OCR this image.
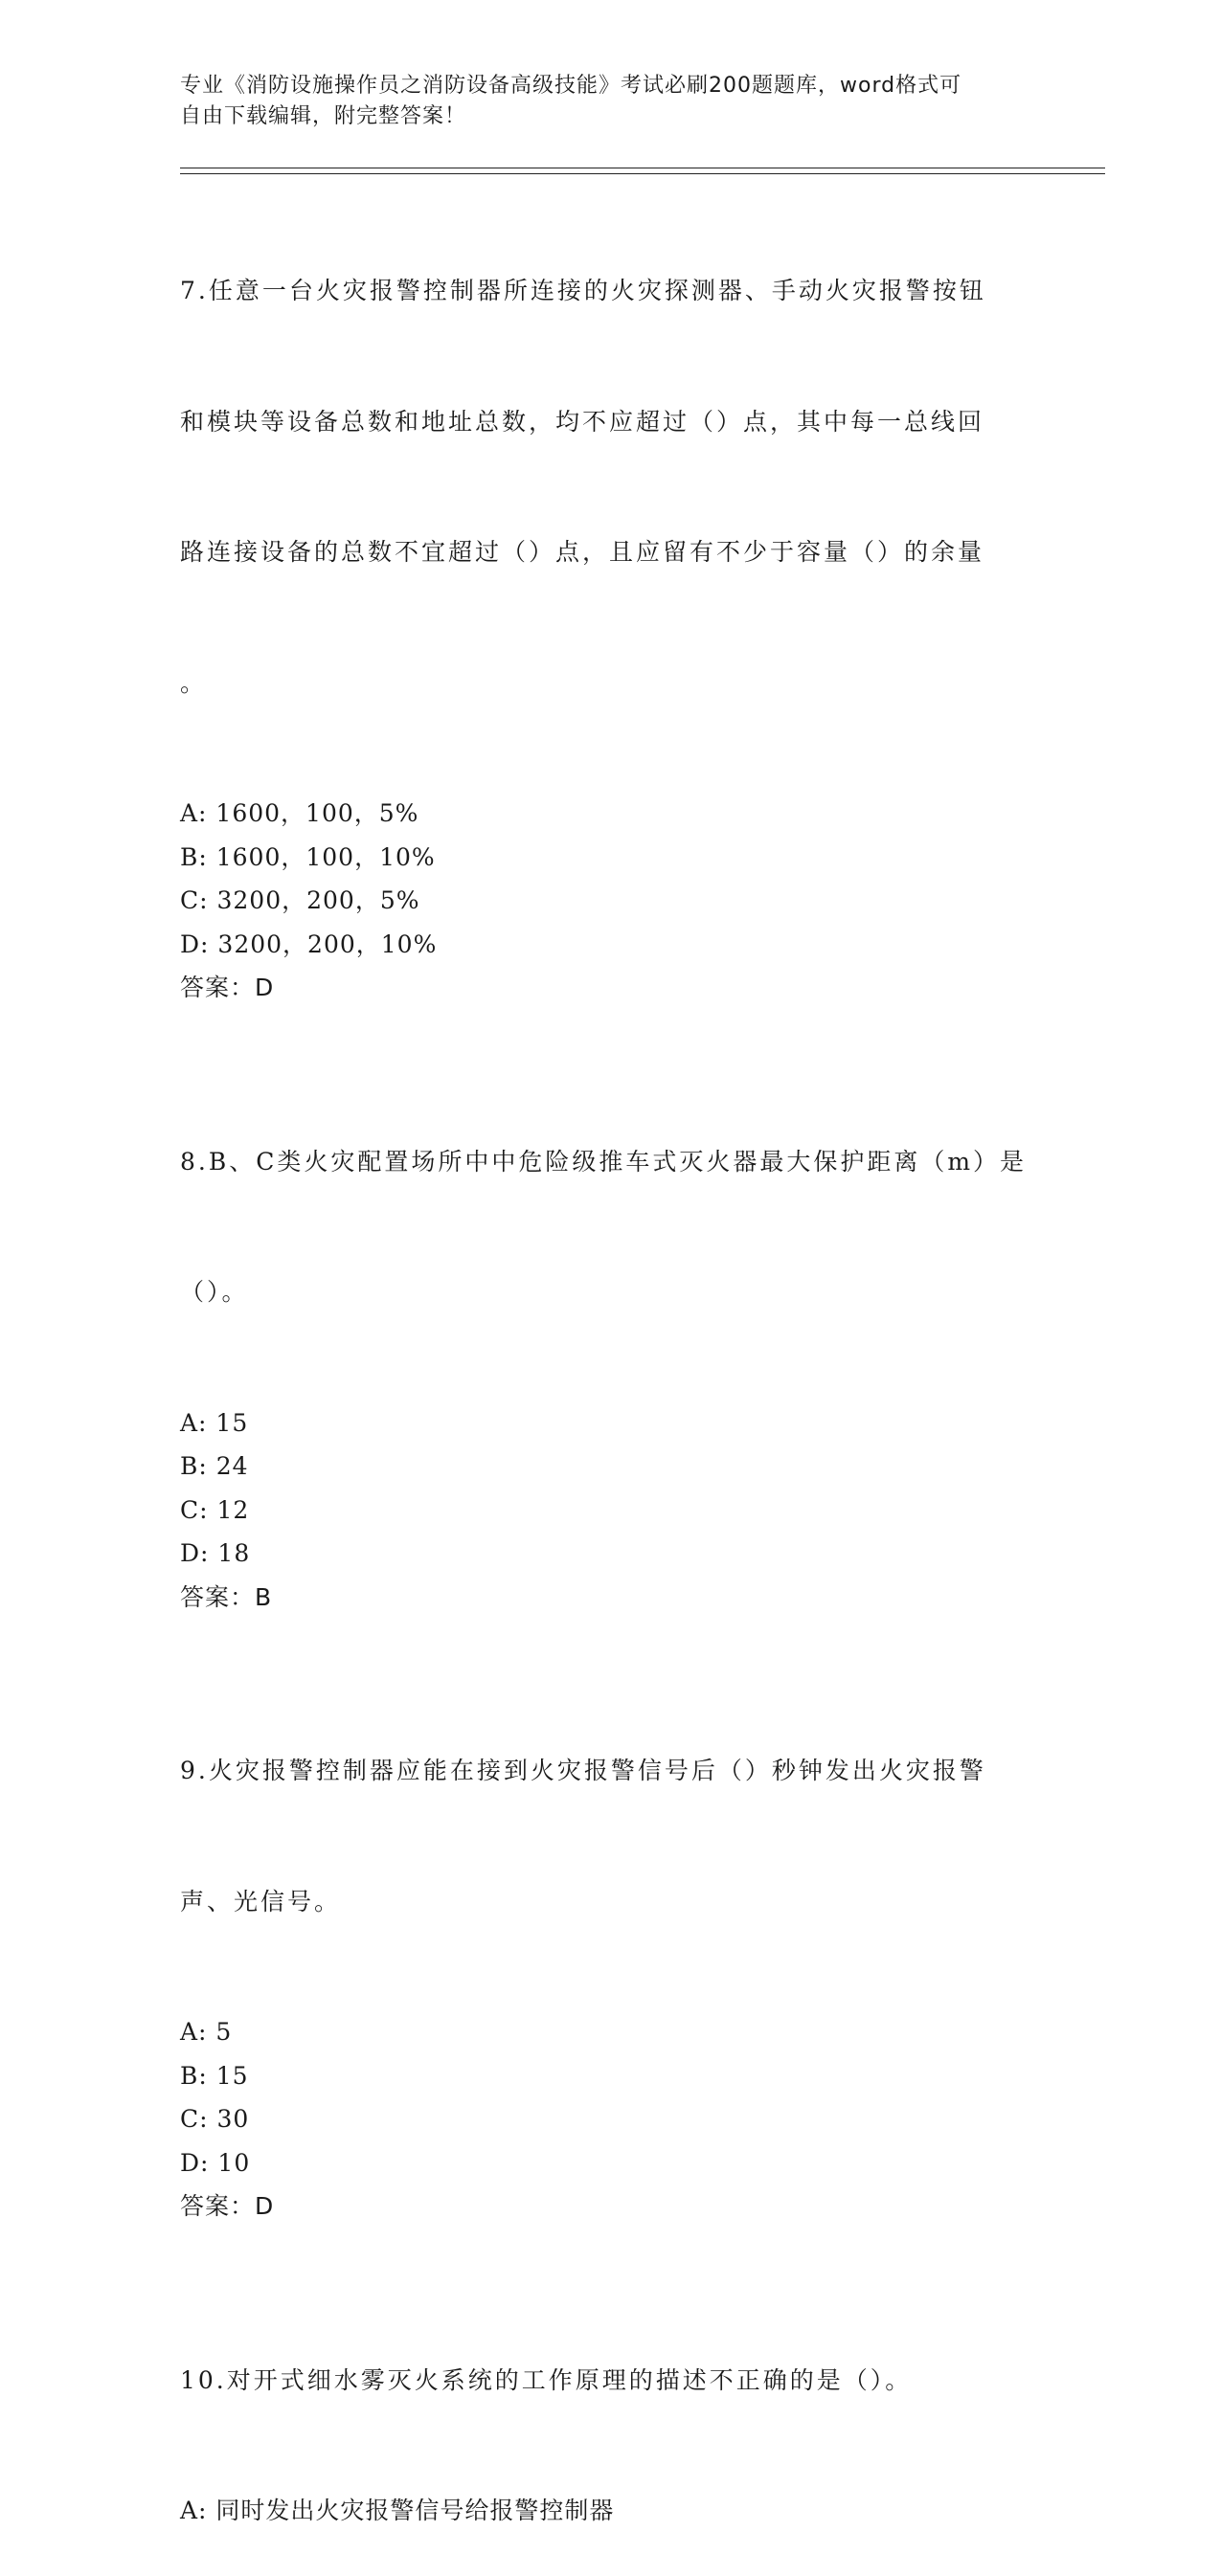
专业《消防设施操作员之消防设备高级技能》考试必刷200题题库，word格式可
自由下载编辑，附完整答案！

7.任意一台火灾报警控制器所连接的火灾探测器、手动火灾报警按钮

和模块等设备总数和地址总数，均不应超过（）点，其中每一总线回

路连接设备的总数不宜超过（）点，且应留有不少于容量（）的余量

。

A: 1600，100，5%
B: 1600，100，10%
C: 3200，200，5%
D: 3200，200，10%
答案：D

8.B、C类火灾配置场所中中危险级推车式灭火器最大保护距离（m）是

（）。

A: 15
B: 24
C: 12
D: 18
答案：B

9.火灾报警控制器应能在接到火灾报警信号后（）秒钟发出火灾报警

声、光信号。

A: 5
B: 15
C: 30
D: 10
答案：D

10.对开式细水雾灭火系统的工作原理的描述不正确的是（）。

A: 同时发出火灾报警信号给报警控制器
